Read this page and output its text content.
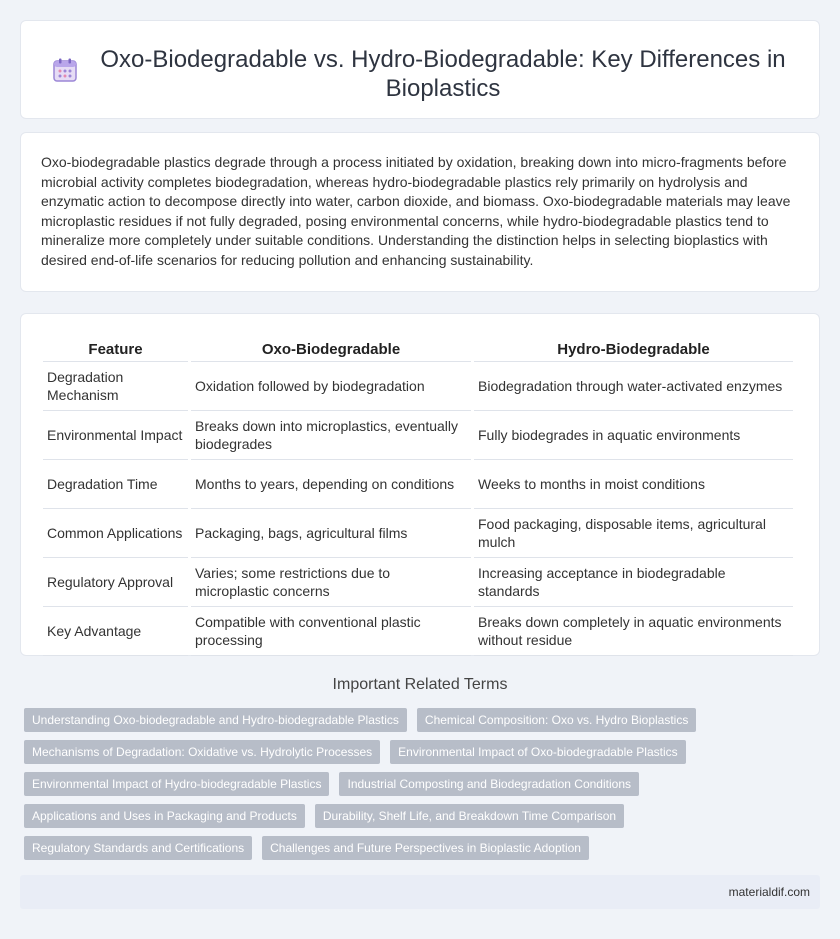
Oxo-Biodegradable vs. Hydro-Biodegradable: Key Differences in Bioplastics

Oxo-biodegradable plastics degrade through a process initiated by oxidation, breaking down into micro-fragments before microbial activity completes biodegradation, whereas hydro-biodegradable plastics rely primarily on hydrolysis and enzymatic action to decompose directly into water, carbon dioxide, and biomass. Oxo-biodegradable materials may leave microplastic residues if not fully degraded, posing environmental concerns, while hydro-biodegradable plastics tend to mineralize more completely under suitable conditions. Understanding the distinction helps in selecting bioplastics with desired end-of-life scenarios for reducing pollution and enhancing sustainability.

Feature	Oxo-Biodegradable	Hydro-Biodegradable
Degradation Mechanism	Oxidation followed by biodegradation	Biodegradation through water-activated enzymes
Environmental Impact	Breaks down into microplastics, eventually biodegrades	Fully biodegrades in aquatic environments
Degradation Time	Months to years, depending on conditions	Weeks to months in moist conditions
Common Applications	Packaging, bags, agricultural films	Food packaging, disposable items, agricultural mulch
Regulatory Approval	Varies; some restrictions due to microplastic concerns	Increasing acceptance in biodegradable standards
Key Advantage	Compatible with conventional plastic processing	Breaks down completely in aquatic environments without residue
Important Related Terms
Understanding Oxo-biodegradable and Hydro-biodegradable Plastics	Chemical Composition: Oxo vs. Hydro Bioplastics
Mechanisms of Degradation: Oxidative vs. Hydrolytic Processes	Environmental Impact of Oxo-biodegradable Plastics
Environmental Impact of Hydro-biodegradable Plastics	Industrial Composting and Biodegradation Conditions
Applications and Uses in Packaging and Products	Durability, Shelf Life, and Breakdown Time Comparison
Regulatory Standards and Certifications	Challenges and Future Perspectives in Bioplastic Adoption
materialdif.com
